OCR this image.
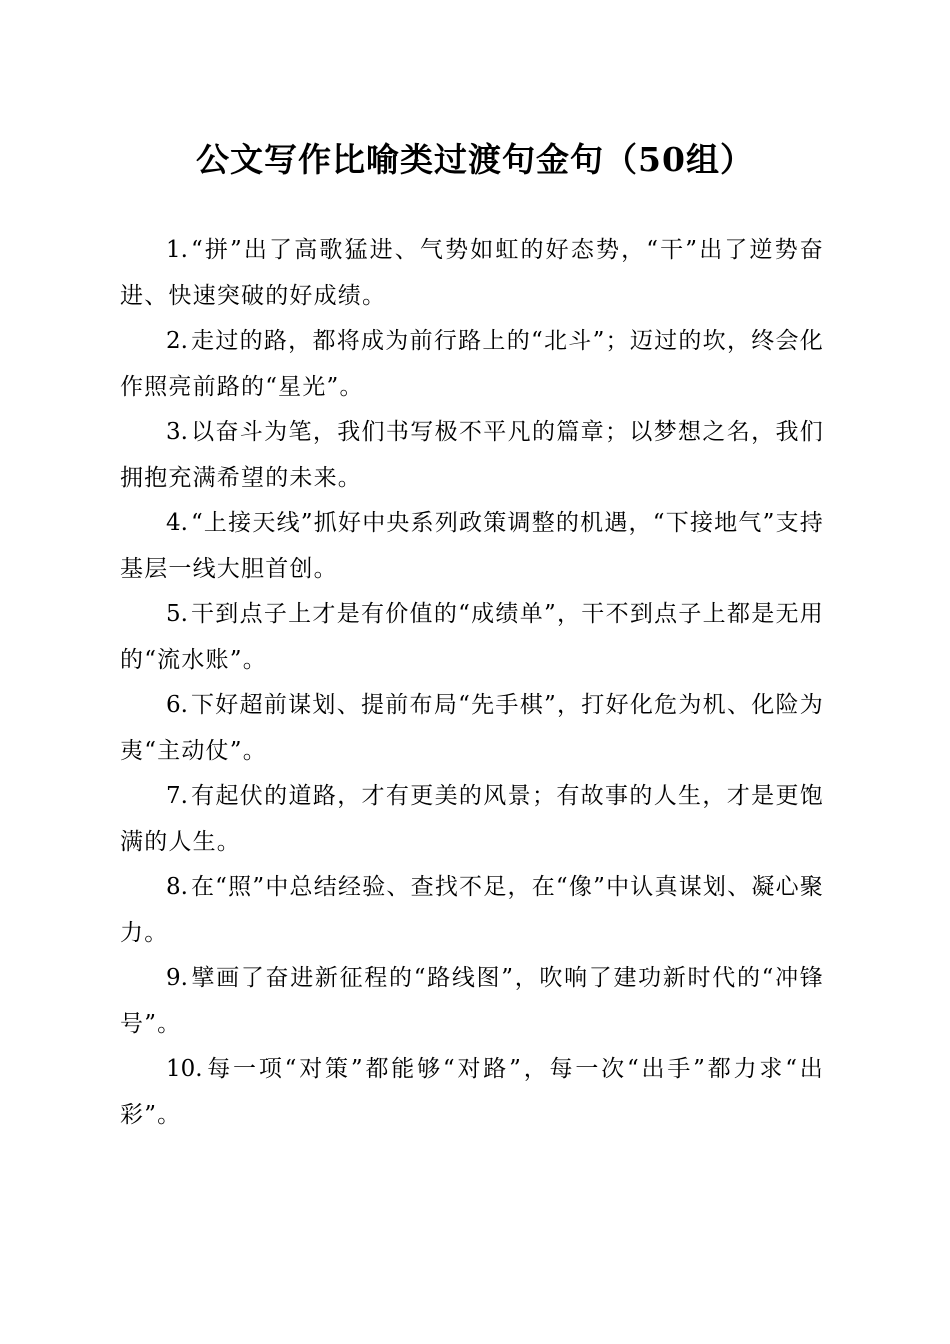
公文写作比喻类过渡句金句（50组）

1. “拼”出了高歌猛进、气势如虹的好态势，“干”出了逆势奋进、快速突破的好成绩。

2. 走过的路，都将成为前行路上的“北斗”；迈过的坎，终会化作照亮前路的“星光”。

3. 以奋斗为笔，我们书写极不平凡的篇章；以梦想之名，我们拥抱充满希望的未来。

4. “上接天线”抓好中央系列政策调整的机遇，“下接地气”支持基层一线大胆首创。

5. 干到点子上才是有价值的“成绩单”，干不到点子上都是无用的“流水账”。

6. 下好超前谋划、提前布局“先手棋”，打好化危为机、化险为夷“主动仗”。

7. 有起伏的道路，才有更美的风景；有故事的人生，才是更饱满的人生。

8. 在“照”中总结经验、查找不足，在“像”中认真谋划、凝心聚力。

9. 擘画了奋进新征程的“路线图”，吹响了建功新时代的“冲锋号”。

10. 每一项“对策”都能够“对路”，每一次“出手”都力求“出彩”。
